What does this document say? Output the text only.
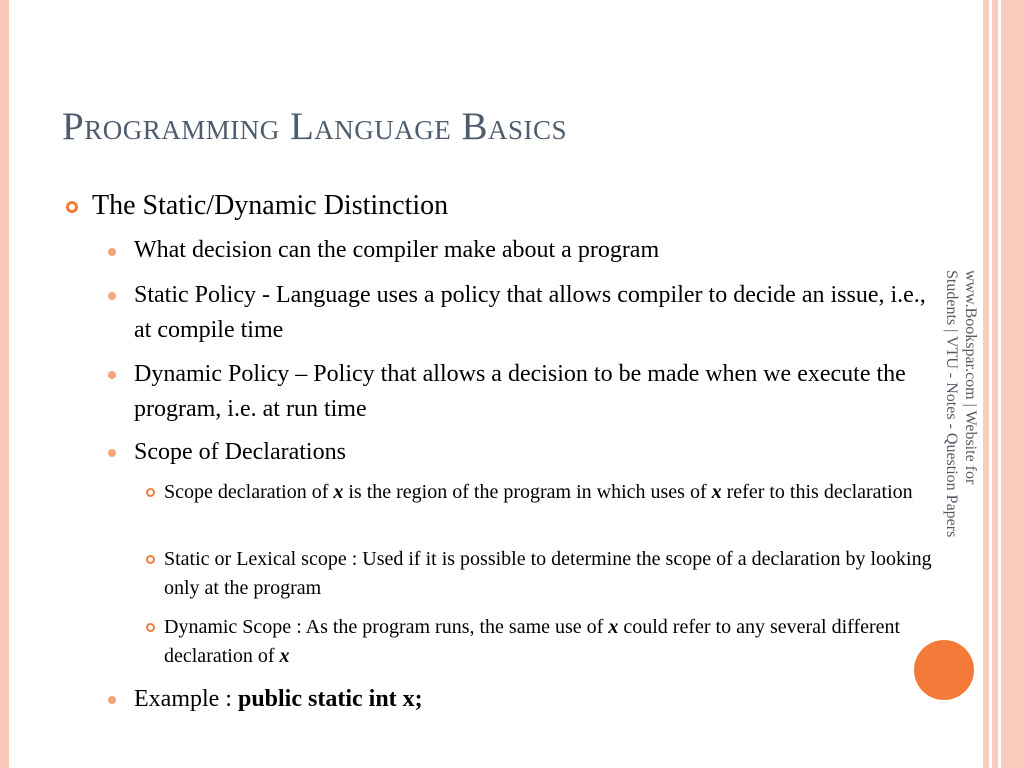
Programming Language Basics
The Static/Dynamic Distinction
What decision can the compiler make about a program
Static Policy - Language uses a policy that allows compiler to decide an issue, i.e., at compile time
Dynamic Policy – Policy that allows a decision to be made when we execute the program, i.e. at run time
Scope of Declarations
Scope declaration of x is the region of the program in which uses of x refer to this declaration
Static or Lexical scope : Used if it is possible to determine the scope of a declaration by looking only at the program
Dynamic Scope : As the program runs, the same use of x could refer to any several different declaration of x
Example : public static int x;
www.Bookspar.com | Website for
Students | VTU - Notes - Question Papers
